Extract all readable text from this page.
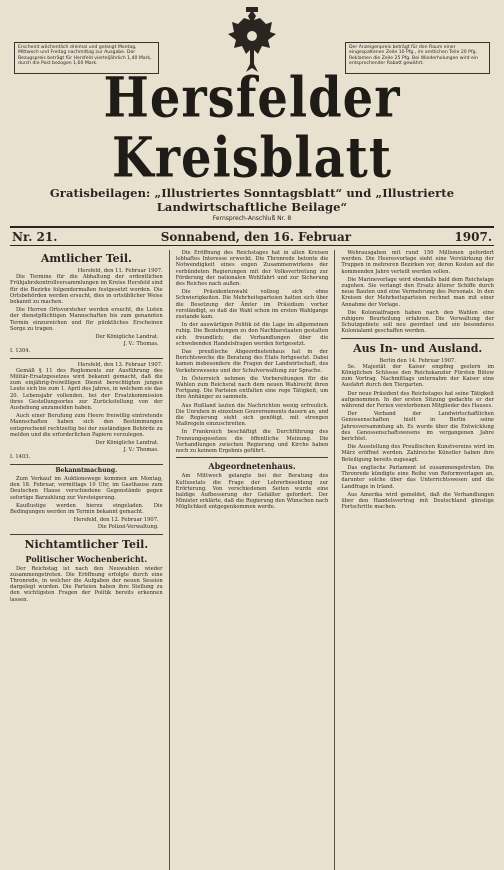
Erscheint wöchentlich dreimal und gelangt Montag, Mittwoch und Freitag nachmittag zur Ausgabe. Der Bezugspreis beträgt für Hersfeld vierteljährlich 1,40 Mark, durch die Post bezogen 1,60 Mark.
Der Anzeigenpreis beträgt für den Raum einer eingespaltenen Zeile 10 Pfg., im amtlichen Teile 20 Pfg. Reklamen die Zeile 25 Pfg. Bei Wiederholungen wird ein entsprechender Rabatt gewährt.
Hersfelder Kreisblatt
Gratisbeilagen: „Illustriertes Sonntagsblatt“ und „Illustrierte Landwirtschaftliche Beilage“
Fernsprech-Anschluß Nr. 8
Nr. 21.	Sonnabend, den 16. Februar	1907.
Amtlicher Teil.
Hersfeld, den 11. Februar 1907.

Die Termine für die Abhaltung der ordentlichen Frühjahrskontrollversammlungen im Kreise Hersfeld sind für die Bezirke folgendermaßen festgesetzt worden. Die Ortsbehörden werden ersucht, dies in ortsüblicher Weise bekannt zu machen.

Die Herren Ortsvorsteher werden ersucht, die Listen der dienstpflichtigen Mannschaften bis zum genannten Termin einzureichen und für pünktliches Erscheinen Sorge zu tragen.

Der Königliche Landrat.
J. V.: Thomas.
I. 1304.
Hersfeld, den 13. Februar 1907.

Gemäß § 11 des Reglements zur Ausführung des Militär-Ersatzgesetzes wird bekannt gemacht, daß die zum einjährig-freiwilligen Dienst berechtigten jungen Leute sich bis zum 1. April des Jahres, in welchem sie das 20. Lebensjahr vollenden, bei der Ersatzkommission ihres Gestellungsortes zur Zurückstellung von der Aushebung anzumelden haben.

Auch einer Berufung zum Heere freiwillig eintretende Mannschaften haben sich den Bestimmungen entsprechend rechtzeitig bei der zuständigen Behörde zu melden und die erforderlichen Papiere vorzulegen.

Der Königliche Landrat.
J. V.: Thomas.
I. 1403.
Bekanntmachung.

Zum Verkauf im Auktionswege kommen am Montag, den 18. Februar, vormittags 10 Uhr, im Gasthause zum Deutschen Hause verschiedene Gegenstände gegen sofortige Barzahlung zur Versteigerung.

Kauflustige werden hierzu eingeladen. Die Bedingungen werden im Termin bekannt gemacht.

Hersfeld, den 12. Februar 1907.
Die Polizei-Verwaltung.
Nichtamtlicher Teil.
Politischer Wochenbericht.

Der Reichstag ist nach den Neuwahlen wieder zusammengetreten. Die Eröffnung erfolgte durch eine Thronrede, in welcher die Aufgaben der neuen Session dargelegt wurden. Die Parteien haben ihre Stellung zu den wichtigsten Fragen der Politik bereits erkennen lassen.

Die Eröffnung des Reichstages hat in allen Kreisen lebhaftes Interesse erweckt. Die Thronrede betonte die Notwendigkeit eines engen Zusammenwirkens der verbündeten Regierungen mit der Volksvertretung zur Förderung der nationalen Wohlfahrt und zur Sicherung des Reiches nach außen.

Die Präsidentenwahl vollzog sich ohne Schwierigkeiten. Die Mehrheitsparteien hatten sich über die Besetzung der Ämter im Präsidium vorher verständigt, so daß die Wahl schon im ersten Wahlgange zustande kam.

In der auswärtigen Politik ist die Lage im allgemeinen ruhig. Die Beziehungen zu den Nachbarstaaten gestalten sich freundlich; die Verhandlungen über die schwebenden Handelsfragen werden fortgesetzt.

Das preußische Abgeordnetenhaus hat in der Berichtswoche die Beratung des Etats fortgesetzt. Dabei kamen insbesondere die Fragen der Landwirtschaft, des Verkehrswesens und der Schulverwaltung zur Sprache.

In Österreich nehmen die Vorbereitungen für die Wahlen zum Reichsrat nach dem neuen Wahlrecht ihren Fortgang. Die Parteien entfalten eine rege Tätigkeit, um ihre Anhänger zu sammeln.

Aus Rußland lauten die Nachrichten wenig erfreulich. Die Unruhen in einzelnen Gouvernements dauern an, und die Regierung sieht sich genötigt, mit strengen Maßregeln einzuschreiten.

In Frankreich beschäftigt die Durchführung des Trennungsgesetzes die öffentliche Meinung. Die Verhandlungen zwischen Regierung und Kirche haben noch zu keinem Ergebnis geführt.

Abgeordnetenhaus.

Am Mittwoch gelangte bei der Beratung des Kultusetats die Frage der Lehrerbesoldung zur Erörterung. Von verschiedenen Seiten wurde eine baldige Aufbesserung der Gehälter gefordert. Der Minister erklärte, daß die Regierung den Wünschen nach Möglichkeit entgegenkommen werde.

Wehrausgaben mit rund 150 Millionen gefordert werden. Die Heeresvorlage sieht eine Verstärkung der Truppen in mehreren Bezirken vor, deren Kosten auf die kommenden Jahre verteilt werden sollen.

Die Marinevorlage wird ebenfalls bald dem Reichstage zugehen. Sie verlangt den Ersatz älterer Schiffe durch neue Bauten und eine Vermehrung des Personals. In den Kreisen der Mehrheitsparteien rechnet man mit einer Annahme der Vorlage.

Die Kolonialfragen haben nach den Wahlen eine ruhigere Beurteilung erfahren. Die Verwaltung der Schutzgebiete soll neu geordnet und ein besonderes Kolonialamt geschaffen werden.

Aus In- und Ausland.
Berlin den 14. Februar 1907.

Se. Majestät der Kaiser empfing gestern im Königlichen Schlosse den Reichskanzler Fürsten Bülow zum Vortrag. Nachmittags unternahm der Kaiser eine Ausfahrt durch den Tiergarten.

Der neue Präsident des Reichstages hat seine Tätigkeit aufgenommen. In der ersten Sitzung gedachte er der während der Ferien verstorbenen Mitglieder des Hauses.

Der Verband der Landwirtschaftlichen Genossenschaften hielt in Berlin seine Jahresversammlung ab. Es wurde über die Entwicklung des Genossenschaftswesens im vergangenen Jahre berichtet.

Die Ausstellung des Preußischen Kunstvereins wird im März eröffnet werden. Zahlreiche Künstler haben ihre Beteiligung bereits zugesagt.

Das englische Parlament ist zusammengetreten. Die Thronrede kündigte eine Reihe von Reformvorlagen an, darunter solche über das Unterrichtswesen und die Landfrage in Irland.

Aus Amerika wird gemeldet, daß die Verhandlungen über den Handelsvertrag mit Deutschland günstige Fortschritte machen.
